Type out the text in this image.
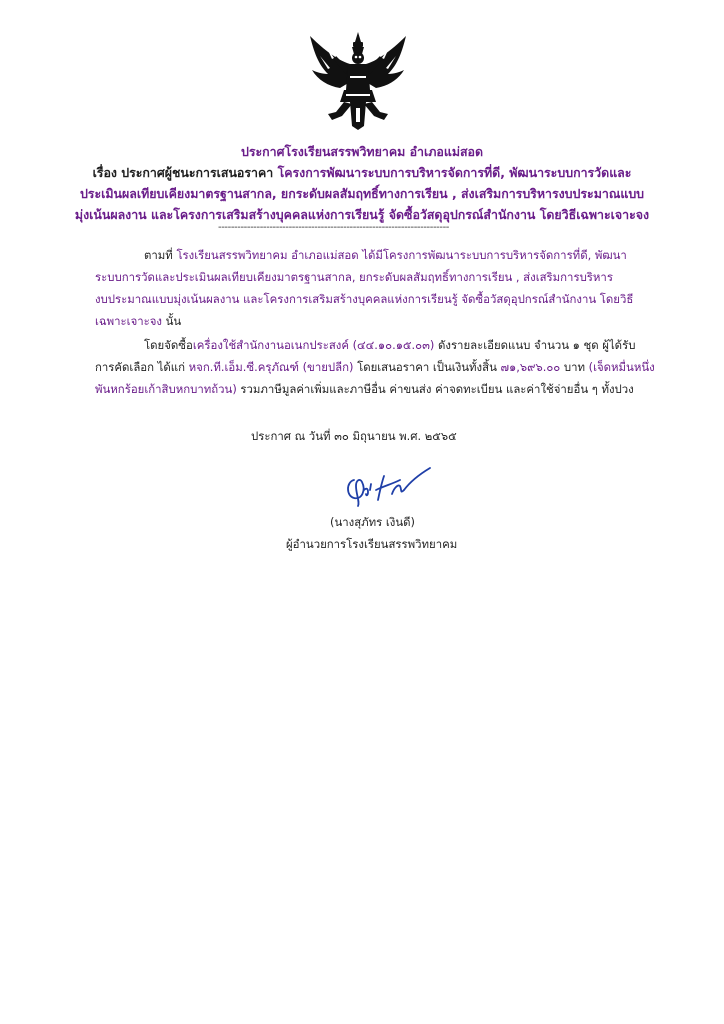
ประกาศโรงเรียนสรรพวิทยาคม อำเภอแม่สอด
เรื่อง ประกาศผู้ชนะการเสนอราคา โครงการพัฒนาระบบการบริหารจัดการที่ดี, พัฒนาระบบการวัดและ
ประเมินผลเทียบเคียงมาตรฐานสากล, ยกระดับผลสัมฤทธิ์ทางการเรียน , ส่งเสริมการบริหารงบประมาณแบบ
มุ่งเน้นผลงาน และโครงการเสริมสร้างบุคคลแห่งการเรียนรู้ จัดซื้อวัสดุอุปกรณ์สำนักงาน โดยวิธีเฉพาะเจาะจง
------------------------------------------------------------------------
ตามที่ โรงเรียนสรรพวิทยาคม อำเภอแม่สอด ได้มีโครงการพัฒนาระบบการบริหารจัดการที่ดี, พัฒนา
ระบบการวัดและประเมินผลเทียบเคียงมาตรฐานสากล, ยกระดับผลสัมฤทธิ์ทางการเรียน , ส่งเสริมการบริหาร
งบประมาณแบบมุ่งเน้นผลงาน และโครงการเสริมสร้างบุคคลแห่งการเรียนรู้ จัดซื้อวัสดุอุปกรณ์สำนักงาน โดยวิธี
เฉพาะเจาะจง นั้น
โดยจัดซื้อเครื่องใช้สำนักงานอเนกประสงค์ (๔๔.๑๐.๑๕.๐๓) ดังรายละเอียดแนบ จำนวน ๑ ชุด ผู้ได้รับ
การคัดเลือก ได้แก่ หจก.ที.เอ็ม.ซี.ครุภัณฑ์ (ขายปลีก) โดยเสนอราคา เป็นเงินทั้งสิ้น ๗๑,๖๙๖.๐๐ บาท (เจ็ดหมื่นหนึ่ง
พันหกร้อยเก้าสิบหกบาทถ้วน) รวมภาษีมูลค่าเพิ่มและภาษีอื่น ค่าขนส่ง ค่าจดทะเบียน และค่าใช้จ่ายอื่น ๆ ทั้งปวง
ประกาศ ณ วันที่ ๓๐ มิถุนายน พ.ศ. ๒๕๖๕
(นางสุภัทร เงินดี)
ผู้อำนวยการโรงเรียนสรรพวิทยาคม
